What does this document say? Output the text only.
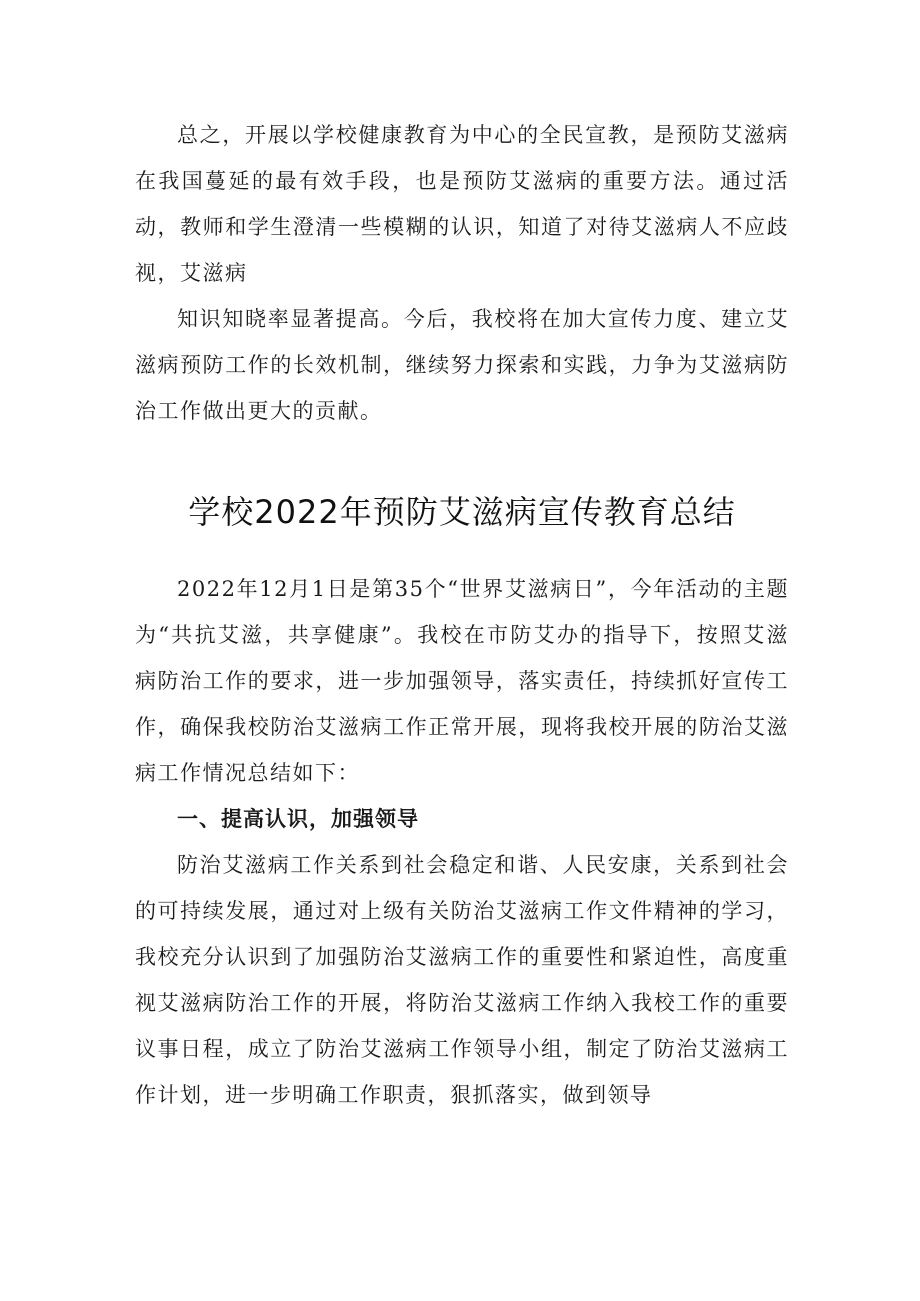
总之，开展以学校健康教育为中心的全民宣教，是预防艾滋病在我国蔓延的最有效手段，也是预防艾滋病的重要方法。通过活动，教师和学生澄清一些模糊的认识，知道了对待艾滋病人不应歧视，艾滋病

知识知晓率显著提高。今后，我校将在加大宣传力度、建立艾滋病预防工作的长效机制，继续努力探索和实践，力争为艾滋病防治工作做出更大的贡献。

学校2022年预防艾滋病宣传教育总结

2022年12月1日是第35个“世界艾滋病日”，今年活动的主题为“共抗艾滋，共享健康”。我校在市防艾办的指导下，按照艾滋病防治工作的要求，进一步加强领导，落实责任，持续抓好宣传工作，确保我校防治艾滋病工作正常开展，现将我校开展的防治艾滋病工作情况总结如下：

一、提高认识，加强领导

防治艾滋病工作关系到社会稳定和谐、人民安康，关系到社会的可持续发展，通过对上级有关防治艾滋病工作文件精神的学习，我校充分认识到了加强防治艾滋病工作的重要性和紧迫性，高度重视艾滋病防治工作的开展，将防治艾滋病工作纳入我校工作的重要议事日程，成立了防治艾滋病工作领导小组，制定了防治艾滋病工作计划，进一步明确工作职责，狠抓落实，做到领导
